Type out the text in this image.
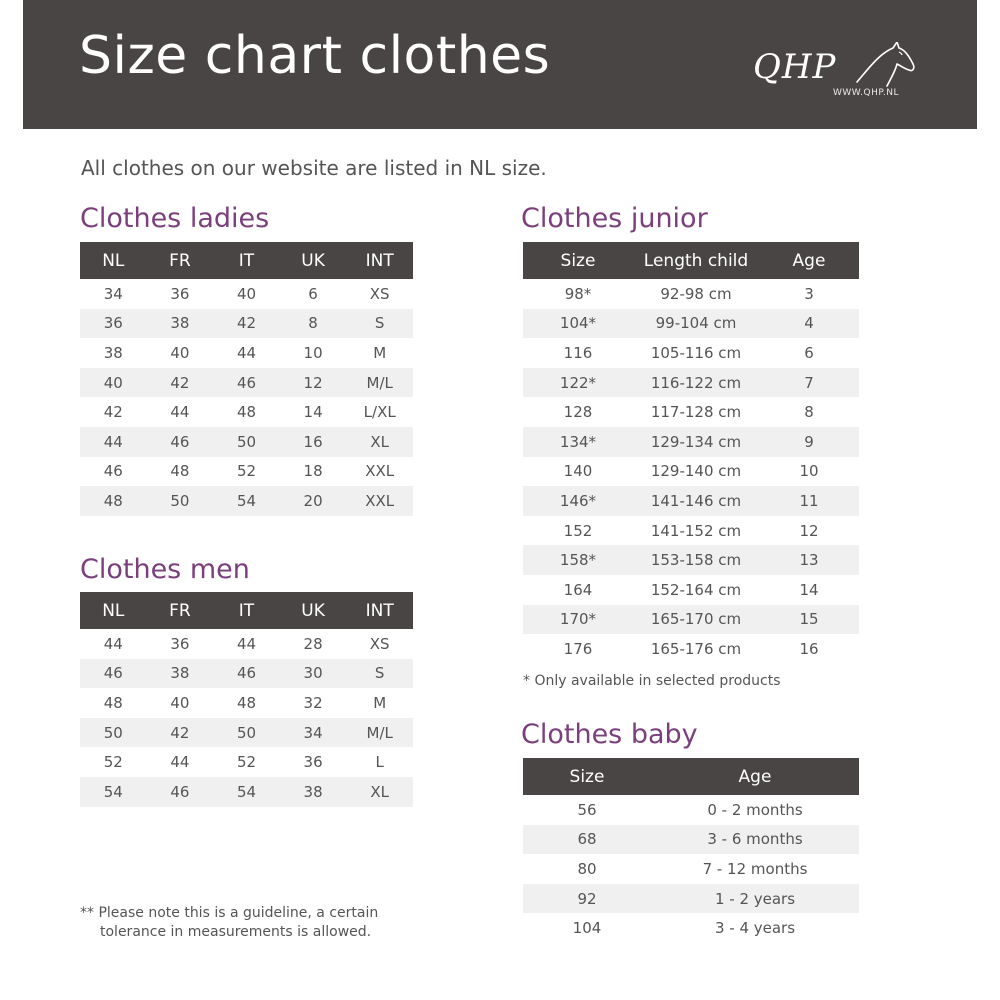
Size chart clothes	QHP
WWW.QHP.NL
All clothes on our website are listed in NL size.
Clothes ladies
NL	FR	IT	UK	INT
34	36	40	6	XS
36	38	42	8	S
38	40	44	10	M
40	42	46	12	M/L
42	44	48	14	L/XL
44	46	50	16	XL
46	48	52	18	XXL
48	50	54	20	XXL
Clothes men
NL	FR	IT	UK	INT
44	36	44	28	XS
46	38	46	30	S
48	40	48	32	M
50	42	50	34	M/L
52	44	52	36	L
54	46	54	38	XL
Clothes junior
Size	Length child	Age
98*	92-98 cm	3
104*	99-104 cm	4
116	105-116 cm	6
122*	116-122 cm	7
128	117-128 cm	8
134*	129-134 cm	9
140	129-140 cm	10
146*	141-146 cm	11
152	141-152 cm	12
158*	153-158 cm	13
164	152-164 cm	14
170*	165-170 cm	15
176	165-176 cm	16
* Only available in selected products
Clothes baby
Size	Age
56	0 - 2 months
68	3 - 6 months
80	7 - 12 months
92	1 - 2 years
104	3 - 4 years
** Please note this is a guideline, a certain
tolerance in measurements is allowed.
